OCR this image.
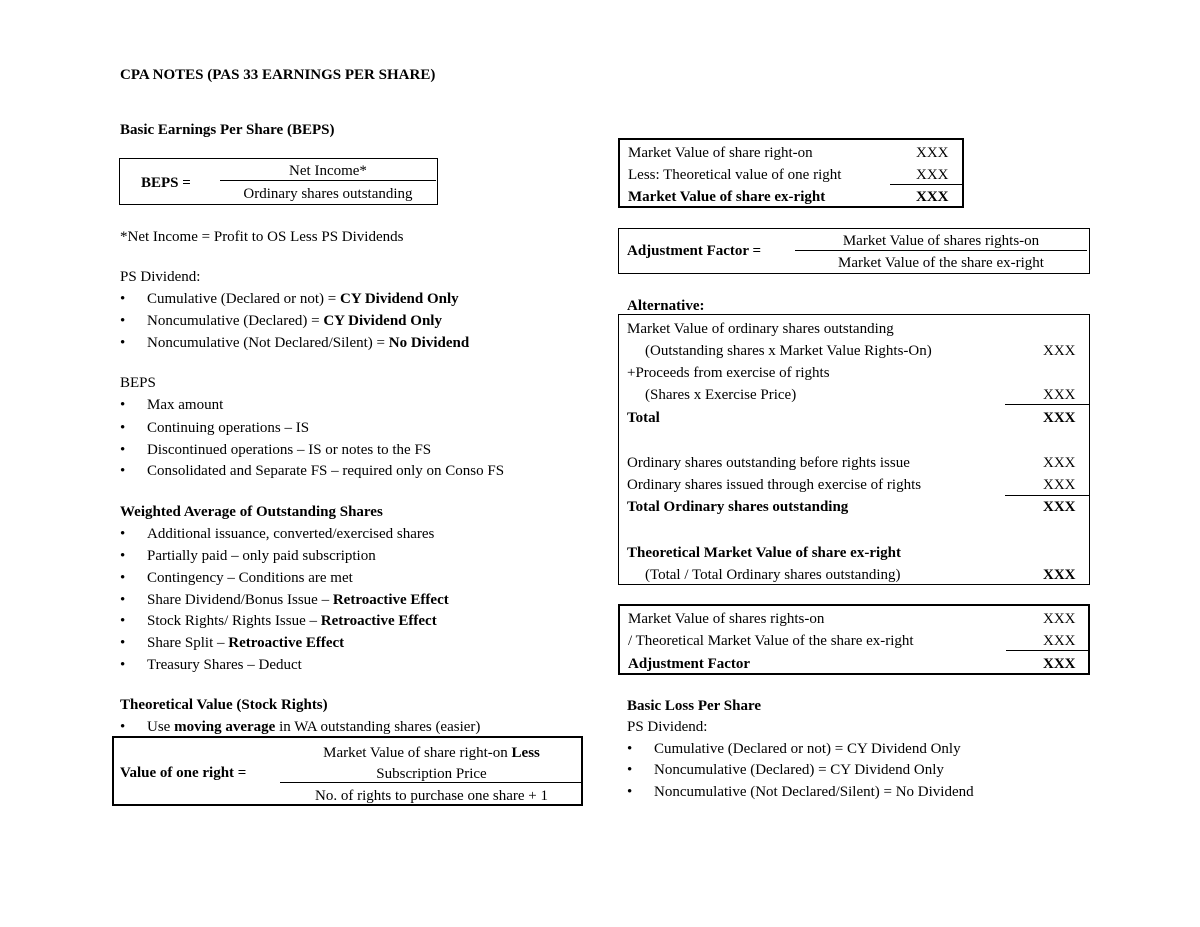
CPA NOTES (PAS 33 EARNINGS PER SHARE)
Basic Earnings Per Share (BEPS)
BEPS =
Net Income*
Ordinary shares outstanding
*Net Income = Profit to OS Less PS Dividends
PS Dividend:
• Cumulative (Declared or not) = CY Dividend Only
• Noncumulative (Declared) = CY Dividend Only
• Noncumulative (Not Declared/Silent) = No Dividend
BEPS
• Max amount
• Continuing operations – IS
• Discontinued operations – IS or notes to the FS
• Consolidated and Separate FS – required only on Conso FS
Weighted Average of Outstanding Shares
• Additional issuance, converted/exercised shares
• Partially paid – only paid subscription
• Contingency – Conditions are met
• Share Dividend/Bonus Issue – Retroactive Effect
• Stock Rights/ Rights Issue – Retroactive Effect
• Share Split – Retroactive Effect
• Treasury Shares – Deduct
Theoretical Value (Stock Rights)
• Use moving average in WA outstanding shares (easier)
Value of one right =
Market Value of share right-on Less
Subscription Price
No. of rights to purchase one share + 1
Market Value of share right-on	XXX
Less: Theoretical value of one right	XXX
Market Value of share ex-right	XXX
Adjustment Factor =
Market Value of shares rights-on
Market Value of the share ex-right
Alternative:
Market Value of ordinary shares outstanding
(Outstanding shares x Market Value Rights-On)	XXX
+Proceeds from exercise of rights
(Shares x Exercise Price)	XXX
Total	XXX
Ordinary shares outstanding before rights issue	XXX
Ordinary shares issued through exercise of rights	XXX
Total Ordinary shares outstanding	XXX
Theoretical Market Value of share ex-right
(Total / Total Ordinary shares outstanding)	XXX
Market Value of shares rights-on	XXX
/ Theoretical Market Value of the share ex-right	XXX
Adjustment Factor	XXX
Basic Loss Per Share
PS Dividend:
• Cumulative (Declared or not) = CY Dividend Only
• Noncumulative (Declared) = CY Dividend Only
• Noncumulative (Not Declared/Silent) = No Dividend
